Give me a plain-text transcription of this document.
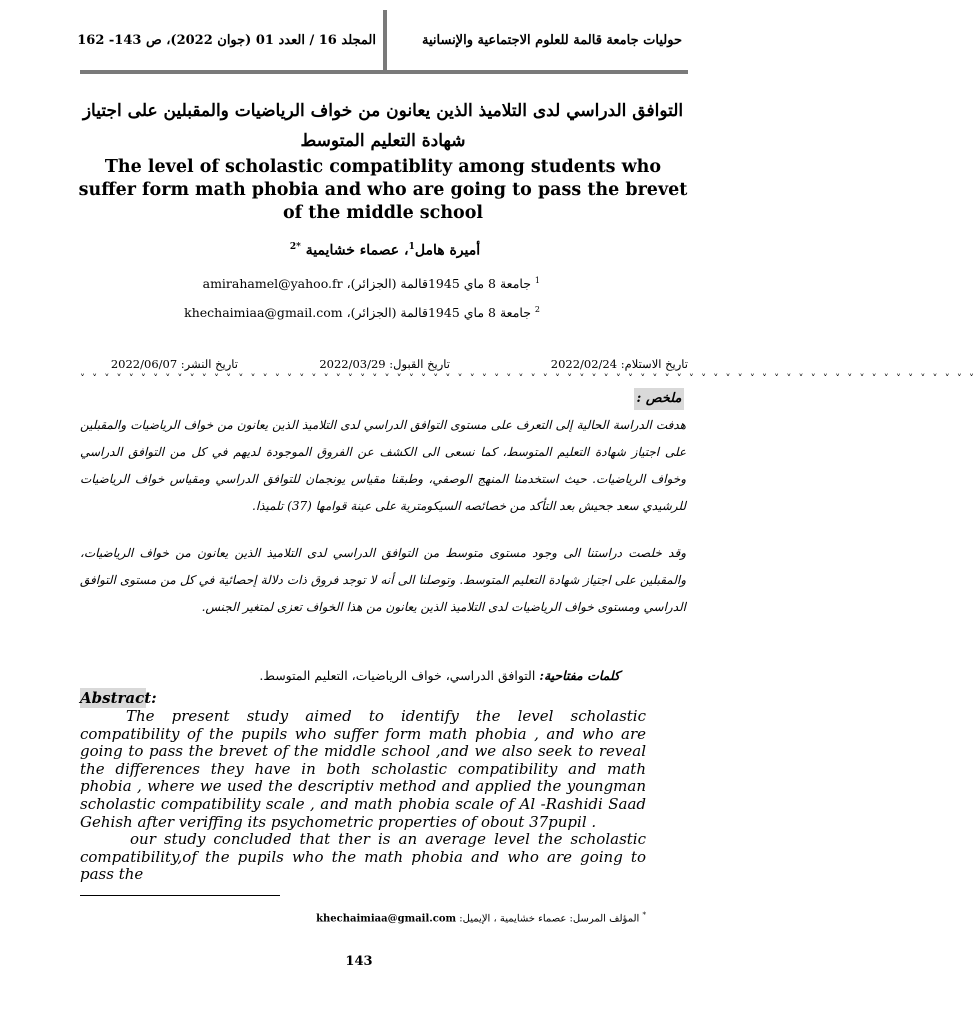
المجلد 16 / العدد 01 (جوان 2022)، ص 143- 162	حوليات جامعة قالمة للعلوم الاجتماعية والإنسانية
التوافق الدراسي لدى التلاميذ الذين يعانون من خواف الرياضيات والمقبلين على اجتياز شهادة التعليم المتوسط
The level of scholastic compatiblity among students who suffer form math phobia and who are going to pass the brevet of the middle school
أميرة هامل$^1$، عصماء خشايمية $^{*2}$
$^1$ جامعة 8 ماي 1945قالمة (الجزائر)، amirahamel@yahoo.fr
$^2$ جامعة 8 ماي 1945قالمة (الجزائر)، khechaimiaa@gmail.com
تاريخ الاستلام: 2022/02/24
تاريخ القبول: 2022/03/29
تاريخ النشر: 2022/06/07
˅ ˅ ˅ ˅ ˅ ˅ ˅ ˅ ˅ ˅ ˅ ˅ ˅ ˅ ˅ ˅ ˅ ˅ ˅ ˅ ˅ ˅ ˅ ˅ ˅ ˅ ˅ ˅ ˅ ˅ ˅ ˅ ˅ ˅ ˅ ˅ ˅ ˅ ˅ ˅ ˅ ˅ ˅ ˅ ˅ ˅ ˅ ˅ ˅ ˅ ˅ ˅ ˅ ˅ ˅ ˅ ˅ ˅ ˅ ˅ ˅ ˅ ˅ ˅ ˅ ˅ ˅ ˅ ˅ ˅ ˅ ˅ ˅ ˅
ملخص :
هدفت الدراسة الحالية إلى التعرف على مستوى التوافق الدراسي لدى التلاميذ الذين يعانون من خواف الرياضيات والمقبلين على اجتياز شهادة التعليم المتوسط، كما نسعى الى الكشف عن الفروق الموجودة لديهم في كل من التوافق الدراسي وخواف الرياضيات. حيث استخدمنا المنهج الوصفي، وطبقنا مقياس يونجمان للتوافق الدراسي ومقياس خواف الرياضيات للرشيدي سعد جحيش بعد التأكد من خصائصه السيكومترية على عينة قوامها (37) تلميذا.
وقد خلصت دراستنا الى وجود مستوى متوسط من التوافق الدراسي لدى التلاميذ الذين يعانون من خواف الرياضيات، والمقبلين على اجتياز شهادة التعليم المتوسط. وتوصلنا الى أنه لا توجد فروق ذات دلالة إحصائية في كل من مستوى التوافق الدراسي ومستوى خواف الرياضيات لدى التلاميذ الذين يعانون من هذا الخواف تعزى لمتغير الجنس.
كلمات مفتاحية: التوافق الدراسي، خواف الرياضيات، التعليم المتوسط.
Abstract:

The present study aimed to identify the level scholastic compatibility of the pupils who suffer form math phobia , and who are going to pass the brevet of the middle school ,and we also seek to reveal the differences they have in both scholastic compatibility and math phobia , where we used the descriptiv method and applied the youngman scholastic compatibility scale , and math phobia scale of Al -Rashidi Saad Gehish after veriffing its psychometric properties of obout 37pupil .

our study concluded that ther is an average level the scholastic compatibility,of the pupils who the math phobia and who are going to pass the

* المؤلف المرسل: عصماء خشايمية ، الإيميل: khechaimiaa@gmail.com
143
